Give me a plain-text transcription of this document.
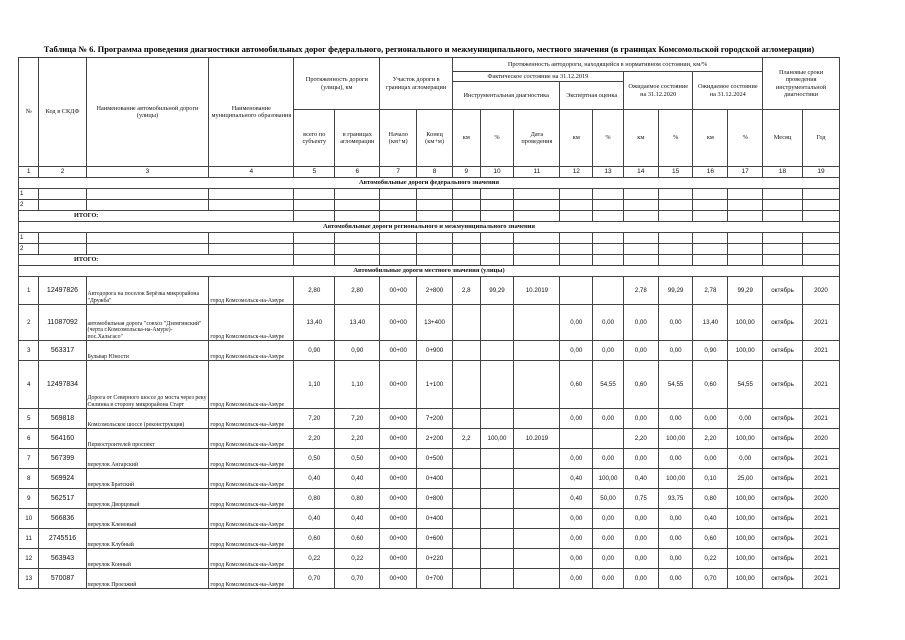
Таблица № 6. Программа проведения диагностики автомобильных дорог федерального, регионального и межмуниципального, местного значения (в границах Комсомольской городской агломерации)
№	Код в СКДФ	Наименование автомобильной дороги (улицы)	Наименование муниципального образования	Протяженность дороги (улицы), км		Участок дороги в границах агломерации		Протяженность автодороги, находящейся в нормативном состоянии, км/%									Плановые сроки проведения инструментальной диагностики	
								Фактическое состояние на 31.12.2019					Ожидаемое состояние на 31.12.2020		Ожидаемое состояние на 31.12.2024			
								Инструментальная диагностика			Экспертная оценка							
				всего по субъекту	в границах агломерации	Начало (км+м)	Конец (км+м)	км	%	Дата проведения	км	%	км	%	км	%	Месяц	Год
1	2	3	4	5	6	7	8	9	10	11	12	13	14	15	16	17	18	19
Автомобильные дороги федерального значения																		
1																		
2																		
ИТОГО:																		
Автомобильные дороги регионального и межмуниципального значения																		
1																		
2																		
ИТОГО:																		
Автомобильные дороги местного значения (улицы)																		
1	12497826	Автодорога на поселок Берёзка микрорайона "Дружба"	город Комсомольск-на-Амуре	2,80	2,80	00+00	2+800	2,8	99,29	10.2019			2,78	99,29	2,78	99,29	октябрь	2020
2	11087092	автомобильная дорога "совхоз "Дземгинский" (черта г.Комсомольска-на-Амуре)-пос.Хальгасо"	город Комсомольск-на-Амуре	13,40	13,40	00+00	13+400				0,00	0,00	0,00	0,00	13,40	100,00	октябрь	2021
3	563317	Бульвар Юности	город Комсомольск-на-Амуре	0,90	0,90	00+00	0+900				0,00	0,00	0,00	0,00	0,90	100,00	октябрь	2021
4	12497834	Дорога от Северного шоссе до моста через реку Силинка в сторону микрорайона Старт	город Комсомольск-на-Амуре	1,10	1,10	00+00	1+100				0,60	54,55	0,60	54,55	0,60	54,55	октябрь	2021
5	569818	Комсомольское шоссе (реконструкция)	город Комсомольск-на-Амуре	7,20	7,20	00+00	7+200				0,00	0,00	0,00	0,00	0,00	0,00	октябрь	2021
6	564160	Первостроителей проспект	город Комсомольск-на-Амуре	2,20	2,20	00+00	2+200	2,2	100,00	10.2019			2,20	100,00	2,20	100,00	октябрь	2020
7	567399	переулок Ангарский	город Комсомольск-на-Амуре	0,50	0,50	00+00	0+500				0,00	0,00	0,00	0,00	0,00	0,00	октябрь	2021
8	569924	переулок Братский	город Комсомольск-на-Амуре	0,40	0,40	00+00	0+400				0,40	100,00	0,40	100,00	0,10	25,00	октябрь	2021
9	562517	переулок Дворцовый	город Комсомольск-на-Амуре	0,80	0,80	00+00	0+800				0,40	50,00	0,75	93,75	0,80	100,00	октябрь	2020
10	566836	переулок Кленовый	город Комсомольск-на-Амуре	0,40	0,40	00+00	0+400				0,00	0,00	0,00	0,00	0,40	100,00	октябрь	2021
11	2745516	переулок Клубный	город Комсомольск-на-Амуре	0,60	0,60	00+00	0+600				0,00	0,00	0,00	0,00	0,60	100,00	октябрь	2021
12	563943	переулок Конный	город Комсомольск-на-Амуре	0,22	0,22	00+00	0+220				0,00	0,00	0,00	0,00	0,22	100,00	октябрь	2021
13	570087	переулок Проезжий	город Комсомольск-на-Амуре	0,70	0,70	00+00	0+700				0,00	0,00	0,00	0,00	0,70	100,00	октябрь	2021
